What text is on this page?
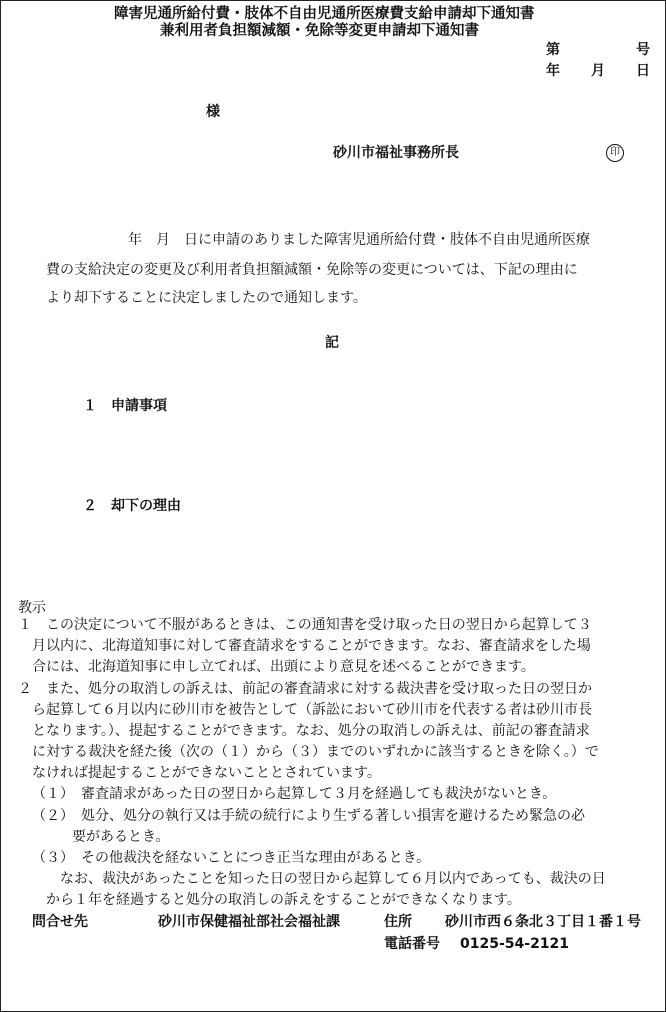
障害児通所給付費・肢体不自由児通所医療費支給申請却下通知書
兼利用者負担額減額・免除等変更申請却下通知書
第	号
年 月 日
様
砂川市福祉事務所長	印
年　月　日に申請のありました障害児通所給付費・肢体不自由児通所医療
費の支給決定の変更及び利用者負担額減額・免除等の変更については、下記の理由に
より却下することに決定しましたので通知します。
記
１　申請事項
２　却下の理由
教示
１　この決定について不服があるときは、この通知書を受け取った日の翌日から起算して３
月以内に、北海道知事に対して審査請求をすることができます。なお、審査請求をした場
合には、北海道知事に申し立てれば、出頭により意見を述べることができます。
２　また、処分の取消しの訴えは、前記の審査請求に対する裁決書を受け取った日の翌日か
ら起算して６月以内に砂川市を被告として（訴訟において砂川市を代表する者は砂川市長
となります。）、提起することができます。なお、処分の取消しの訴えは、前記の審査請求
に対する裁決を経た後（次の（１）から（３）までのいずれかに該当するときを除く。）で
なければ提起することができないこととされています。
（１）　審査請求があった日の翌日から起算して３月を経過しても裁決がないとき。
（２）　処分、処分の執行又は手続の続行により生ずる著しい損害を避けるため緊急の必
要があるとき。
（３）　その他裁決を経ないことにつき正当な理由があるとき。
なお、裁決があったことを知った日の翌日から起算して６月以内であっても、裁決の日
から１年を経過すると処分の取消しの訴えをすることができなくなります。
問合せ先	砂川市保健福祉部社会福祉課	住所 砂川市西６条北３丁目１番１号
電話番号 0125-54-2121
